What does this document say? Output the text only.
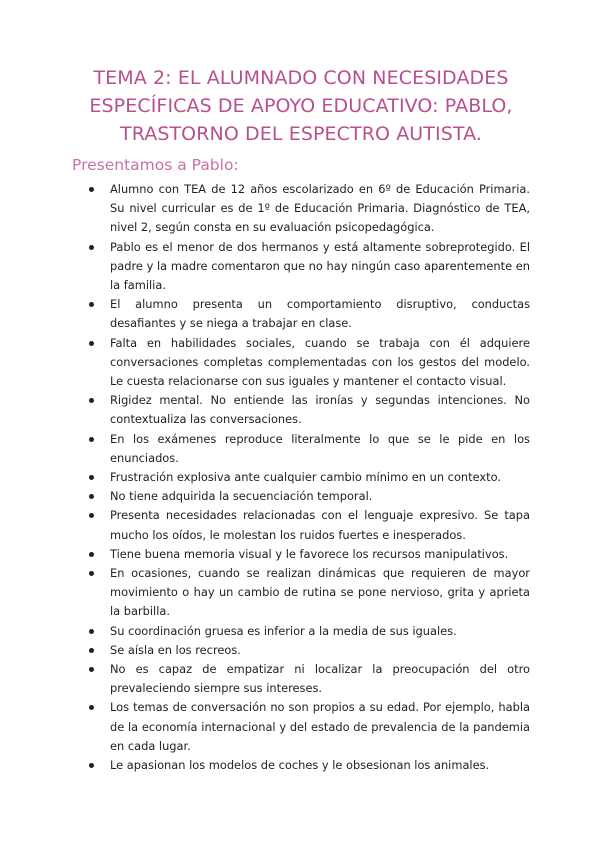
TEMA 2: EL ALUMNADO CON NECESIDADES
ESPECÍFICAS DE APOYO EDUCATIVO: PABLO,
TRASTORNO DEL ESPECTRO AUTISTA.
Presentamos a Pablo:
Alumno con TEA de 12 años escolarizado en 6º de Educación Primaria. Su nivel curricular es de 1º de Educación Primaria. Diagnóstico de TEA, nivel 2, según consta en su evaluación psicopedagógica.
Pablo es el menor de dos hermanos y está altamente sobreprotegido. El padre y la madre comentaron que no hay ningún caso aparentemente en la familia.
El alumno presenta un comportamiento disruptivo, conductas desafiantes y se niega a trabajar en clase.
Falta en habilidades sociales, cuando se trabaja con él adquiere conversaciones completas complementadas con los gestos del modelo. Le cuesta relacionarse con sus iguales y mantener el contacto visual.
Rigidez mental. No entiende las ironías y segundas intenciones. No contextualiza las conversaciones.
En los exámenes reproduce literalmente lo que se le pide en los enunciados.
Frustración explosiva ante cualquier cambio mínimo en un contexto.
No tiene adquirida la secuenciación temporal.
Presenta necesidades relacionadas con el lenguaje expresivo. Se tapa mucho los oídos, le molestan los ruidos fuertes e inesperados.
Tiene buena memoria visual y le favorece los recursos manipulativos.
En ocasiones, cuando se realizan dinámicas que requieren de mayor movimiento o hay un cambio de rutina se pone nervioso, grita y aprieta la barbilla.
Su coordinación gruesa es inferior a la media de sus iguales.
Se aísla en los recreos.
No es capaz de empatizar ni localizar la preocupación del otro prevaleciendo siempre sus intereses.
Los temas de conversación no son propios a su edad. Por ejemplo, habla de la economía internacional y del estado de prevalencia de la pandemia en cada lugar.
Le apasionan los modelos de coches y le obsesionan los animales.
